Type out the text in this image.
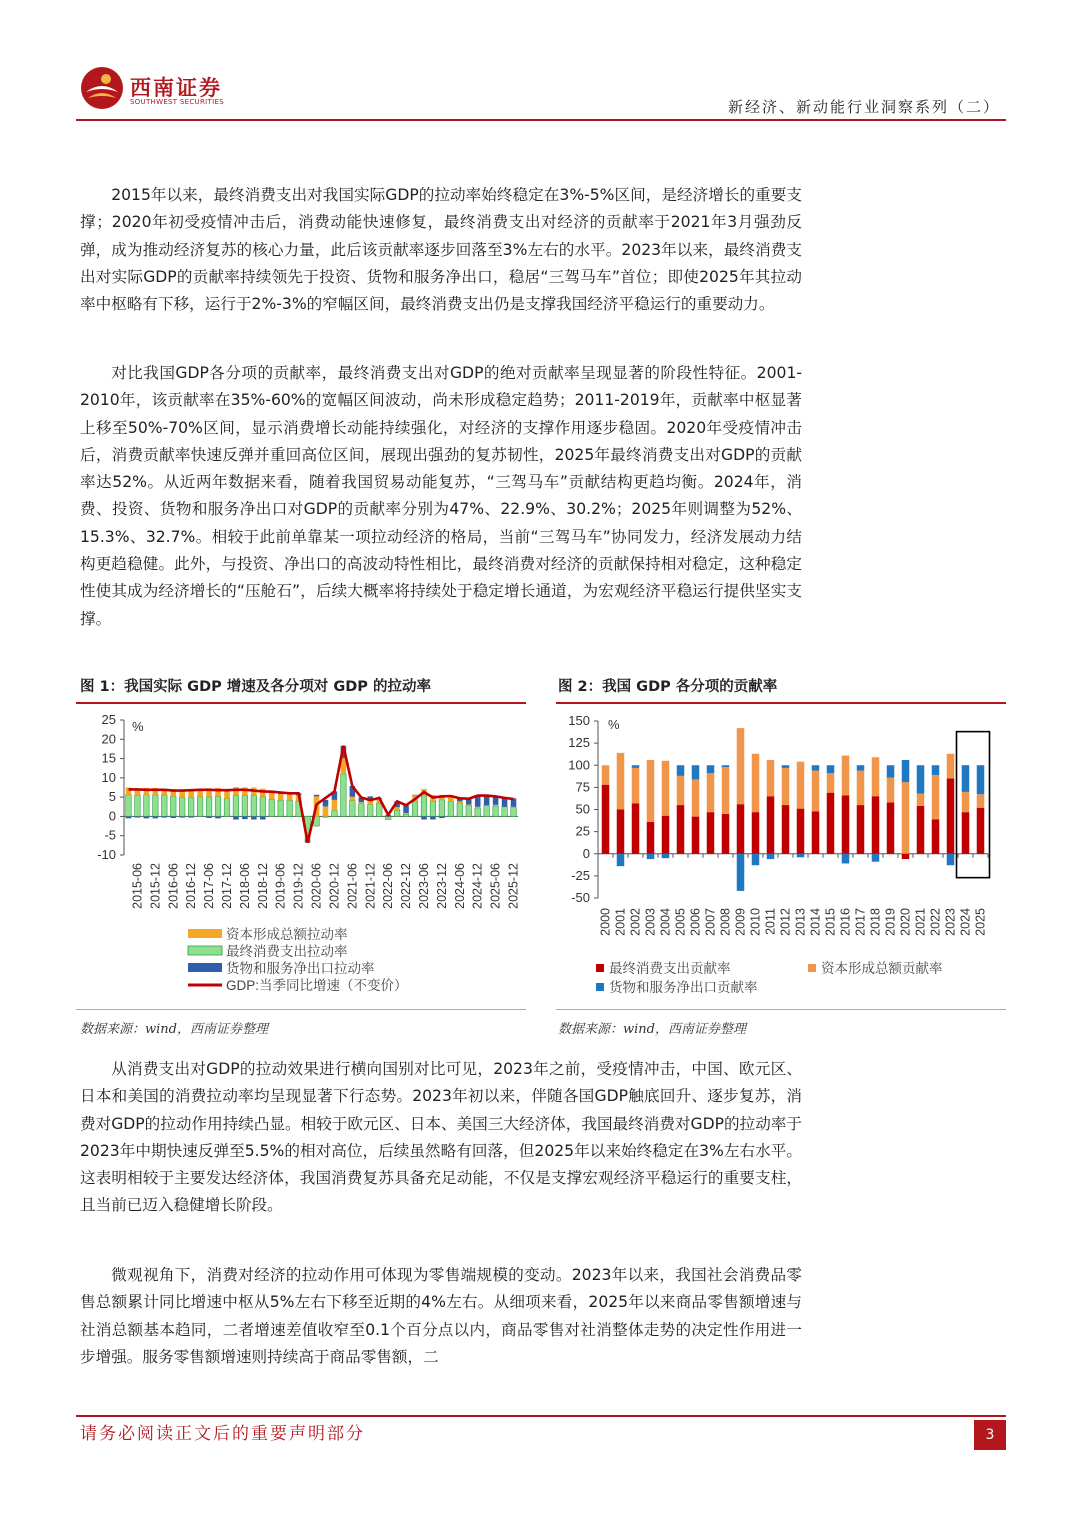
西南证券
SOUTHWEST SECURITIES	新经济、新动能行业洞察系列（二）

2015年以来，最终消费支出对我国实际GDP的拉动率始终稳定在3%-5%区间，是经济增长的重要支撑；2020年初受疫情冲击后，消费动能快速修复，最终消费支出对经济的贡献率于2021年3月强劲反弹，成为推动经济复苏的核心力量，此后该贡献率逐步回落至3%左右的水平。2023年以来，最终消费支出对实际GDP的贡献率持续领先于投资、货物和服务净出口，稳居“三驾马车”首位；即使2025年其拉动率中枢略有下移，运行于2%-3%的窄幅区间，最终消费支出仍是支撑我国经济平稳运行的重要动力。

对比我国GDP各分项的贡献率，最终消费支出对GDP的绝对贡献率呈现显著的阶段性特征。2001-2010年，该贡献率在35%-60%的宽幅区间波动，尚未形成稳定趋势；2011-2019年，贡献率中枢显著上移至50%-70%区间，显示消费增长动能持续强化，对经济的支撑作用逐步稳固。2020年受疫情冲击后，消费贡献率快速反弹并重回高位区间，展现出强劲的复苏韧性，2025年最终消费支出对GDP的贡献率达52%。从近两年数据来看，随着我国贸易动能复苏，“三驾马车”贡献结构更趋均衡。2024年，消费、投资、货物和服务净出口对GDP的贡献率分别为47%、22.9%、30.2%；2025年则调整为52%、15.3%、32.7%。相较于此前单靠某一项拉动经济的格局，当前“三驾马车”协同发力，经济发展动力结构更趋稳健。此外，与投资、净出口的高波动特性相比，最终消费对经济的贡献保持相对稳定，这种稳定性使其成为经济增长的“压舱石”，后续大概率将持续处于稳定增长通道，为宏观经济平稳运行提供坚实支撑。

图 1：我国实际 GDP 增速及各分项对 GDP 的拉动率
25
20
15
10
5
0
-5
-10
%
2015-06 2015-12 2016-06 2016-12 2017-06 2017-12 2018-06 2018-12 2019-06 2019-12 2020-06 2020-12 2021-06 2021-12 2022-06 2022-12 2023-06 2023-12 2024-06 2024-12 2025-06 2025-12
资本形成总额拉动率
最终消费支出拉动率
货物和服务净出口拉动率
GDP:当季同比增速（不变价）
数据来源：wind，西南证券整理
图 2：我国 GDP 各分项的贡献率
150
125
100
75
50
25
0
-25
-50
%
2000 2001 2002 2003 2004 2005 2006 2007 2008 2009 2010 2011 2012 2013 2014 2015 2016 2017 2018 2019 2020 2021 2022 2023 2024 2025
最终消费支出贡献率	资本形成总额贡献率
货物和服务净出口贡献率
数据来源：wind，西南证券整理

从消费支出对GDP的拉动效果进行横向国别对比可见，2023年之前，受疫情冲击，中国、欧元区、日本和美国的消费拉动率均呈现显著下行态势。2023年初以来，伴随各国GDP触底回升、逐步复苏，消费对GDP的拉动作用持续凸显。相较于欧元区、日本、美国三大经济体，我国最终消费对GDP的拉动率于2023年中期快速反弹至5.5%的相对高位，后续虽然略有回落，但2025年以来始终稳定在3%左右水平。这表明相较于主要发达经济体，我国消费复苏具备充足动能，不仅是支撑宏观经济平稳运行的重要支柱，且当前已迈入稳健增长阶段。

微观视角下，消费对经济的拉动作用可体现为零售端规模的变动。2023年以来，我国社会消费品零售总额累计同比增速中枢从5%左右下移至近期的4%左右。从细项来看，2025年以来商品零售额增速与社消总额基本趋同，二者增速差值收窄至0.1个百分点以内，商品零售对社消整体走势的决定性作用进一步增强。服务零售额增速则持续高于商品零售额，二

请务必阅读正文后的重要声明部分	3
